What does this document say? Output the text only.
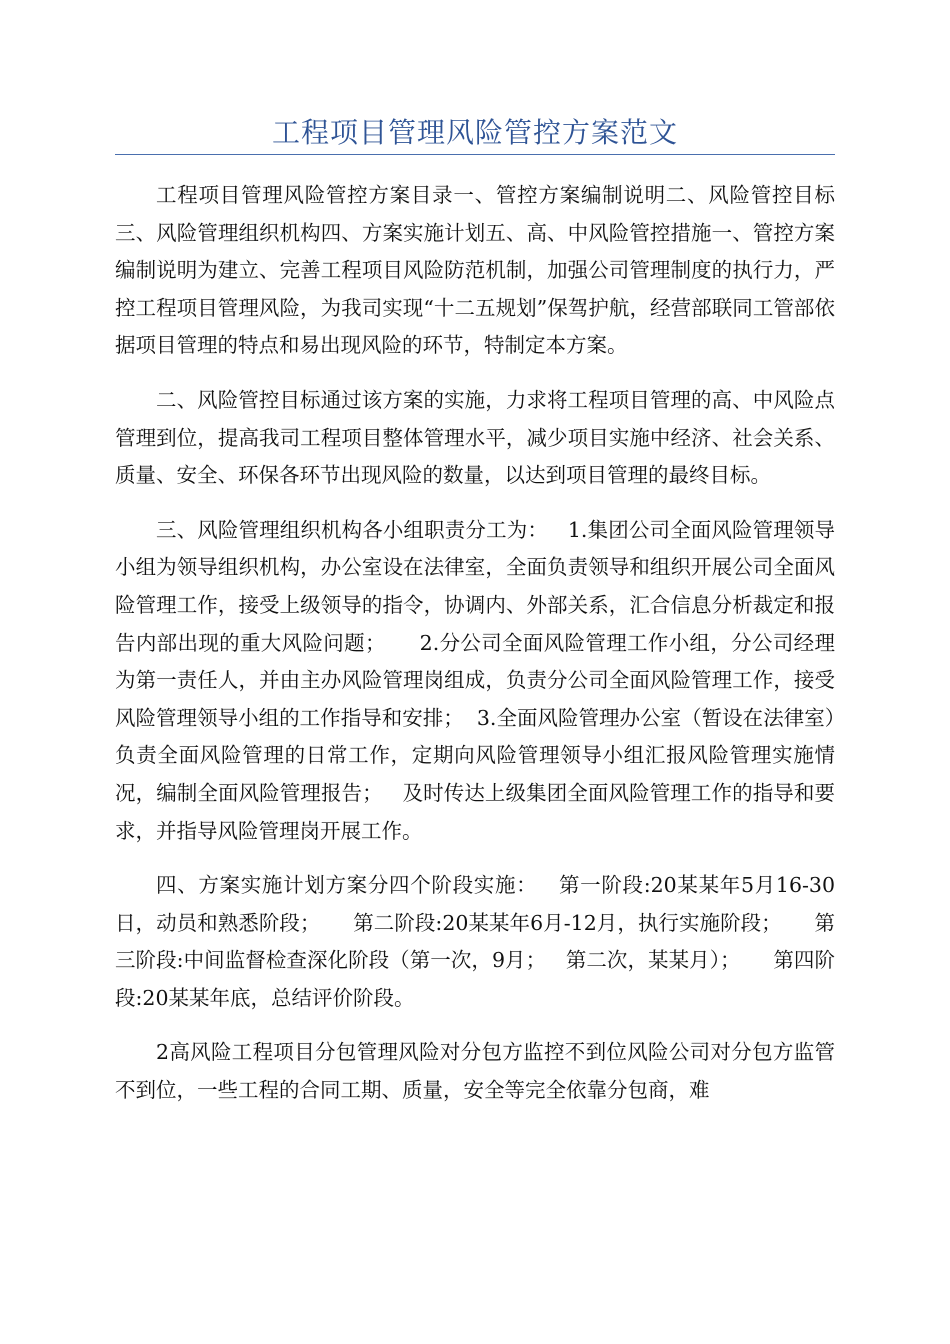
工程项目管理风险管控方案范文

工程项目管理风险管控方案目录一、管控方案编制说明二、风险管控目标三、风险管理组织机构四、方案实施计划五、高、中风险管控措施一、管控方案编制说明为建立、完善工程项目风险防范机制，加强公司管理制度的执行力，严控工程项目管理风险，为我司实现“十二五规划”保驾护航，经营部联同工管部依据项目管理的特点和易出现风险的环节，特制定本方案。

二、风险管控目标通过该方案的实施，力求将工程项目管理的高、中风险点管理到位，提高我司工程项目整体管理水平，减少项目实施中经济、社会关系、质量、安全、环保各环节出现风险的数量，以达到项目管理的最终目标。

三、风险管理组织机构各小组职责分工为：   1.集团公司全面风险管理领导小组为领导组织机构，办公室设在法律室，全面负责领导和组织开展公司全面风险管理工作，接受上级领导的指令，协调内、外部关系，汇合信息分析裁定和报告内部出现的重大风险问题；     2.分公司全面风险管理工作小组，分公司经理为第一责任人，并由主办风险管理岗组成，负责分公司全面风险管理工作，接受风险管理领导小组的工作指导和安排；  3.全面风险管理办公室（暂设在法律室）负责全面风险管理的日常工作，定期向风险管理领导小组汇报风险管理实施情况，编制全面风险管理报告；   及时传达上级集团全面风险管理工作的指导和要求，并指导风险管理岗开展工作。

四、方案实施计划方案分四个阶段实施：   第一阶段:20某某年5月16-30日，动员和熟悉阶段；     第二阶段:20某某年6月-12月，执行实施阶段；     第三阶段:中间监督检查深化阶段（第一次，9月；   第二次，某某月）；     第四阶段:20某某年底，总结评价阶段。

2高风险工程项目分包管理风险对分包方监控不到位风险公司对分包方监管不到位，一些工程的合同工期、质量，安全等完全依靠分包商，难
